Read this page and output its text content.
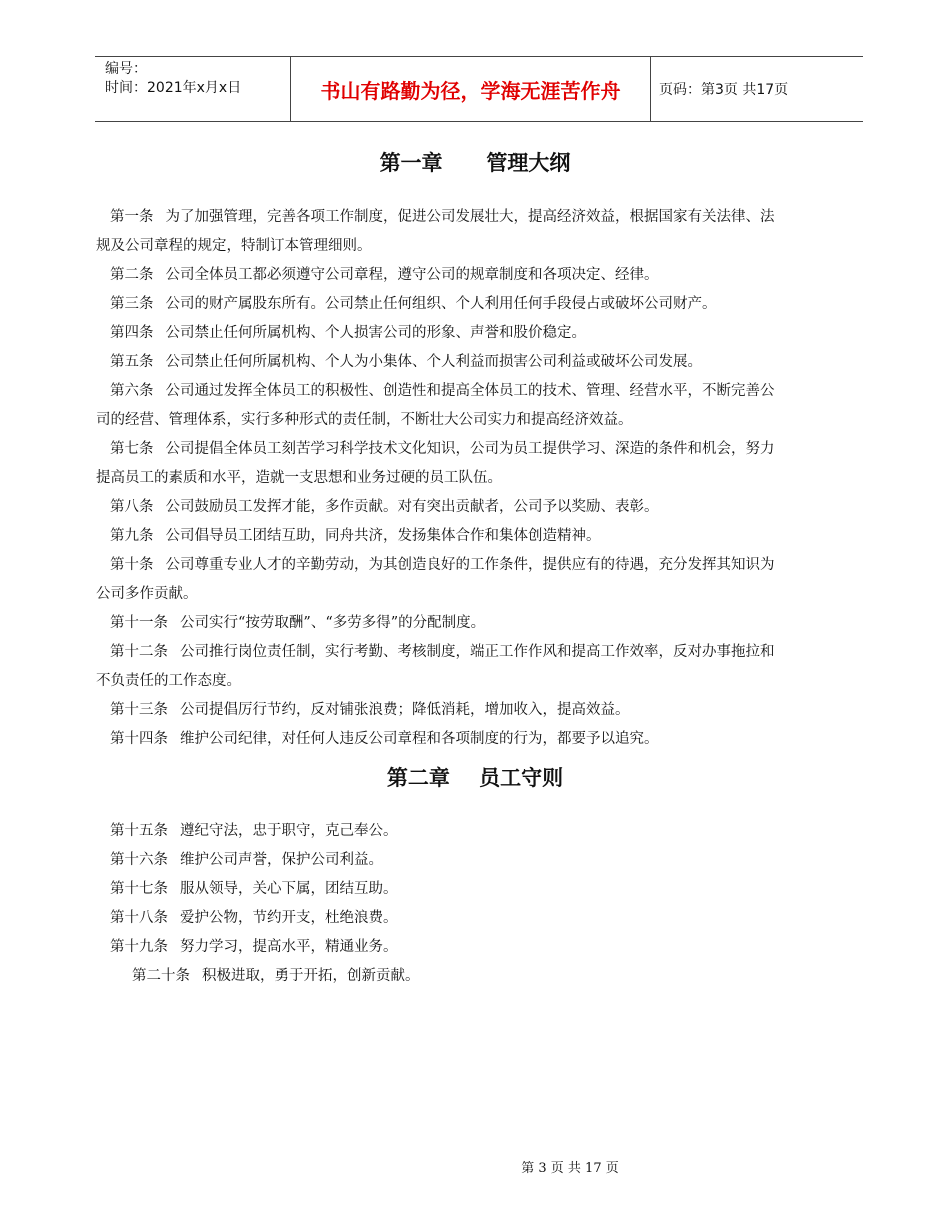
编号：
时间：2021年x月x日	书山有路勤为径，学海无涯苦作舟	页码：第3页 共17页
第一章      管理大纲

第一条 为了加强管理，完善各项工作制度，促进公司发展壮大，提高经济效益，根据国家有关法律、法

规及公司章程的规定，特制订本管理细则。

第二条 公司全体员工都必须遵守公司章程，遵守公司的规章制度和各项决定、经律。

第三条 公司的财产属股东所有。公司禁止任何组织、个人利用任何手段侵占或破坏公司财产。

第四条 公司禁止任何所属机构、个人损害公司的形象、声誉和股价稳定。

第五条 公司禁止任何所属机构、个人为小集体、个人利益而损害公司利益或破坏公司发展。

第六条 公司通过发挥全体员工的积极性、创造性和提高全体员工的技术、管理、经营水平，不断完善公

司的经营、管理体系，实行多种形式的责任制，不断壮大公司实力和提高经济效益。

第七条 公司提倡全体员工刻苦学习科学技术文化知识，公司为员工提供学习、深造的条件和机会，努力

提高员工的素质和水平，造就一支思想和业务过硬的员工队伍。

第八条 公司鼓励员工发挥才能，多作贡献。对有突出贡献者，公司予以奖励、表彰。

第九条 公司倡导员工团结互助，同舟共济，发扬集体合作和集体创造精神。

第十条 公司尊重专业人才的辛勤劳动，为其创造良好的工作条件，提供应有的待遇，充分发挥其知识为

公司多作贡献。

第十一条 公司实行“按劳取酬”、“多劳多得”的分配制度。

第十二条 公司推行岗位责任制，实行考勤、考核制度，端正工作作风和提高工作效率，反对办事拖拉和

不负责任的工作态度。

第十三条 公司提倡厉行节约，反对铺张浪费；降低消耗，增加收入，提高效益。

第十四条 维护公司纪律，对任何人违反公司章程和各项制度的行为，都要予以追究。

第二章    员工守则

第十五条 遵纪守法，忠于职守，克己奉公。

第十六条 维护公司声誉，保护公司利益。

第十七条 服从领导，关心下属，团结互助。

第十八条 爱护公物，节约开支，杜绝浪费。

第十九条 努力学习，提高水平，精通业务。

第二十条 积极进取，勇于开拓，创新贡献。

第 3 页 共 17 页
